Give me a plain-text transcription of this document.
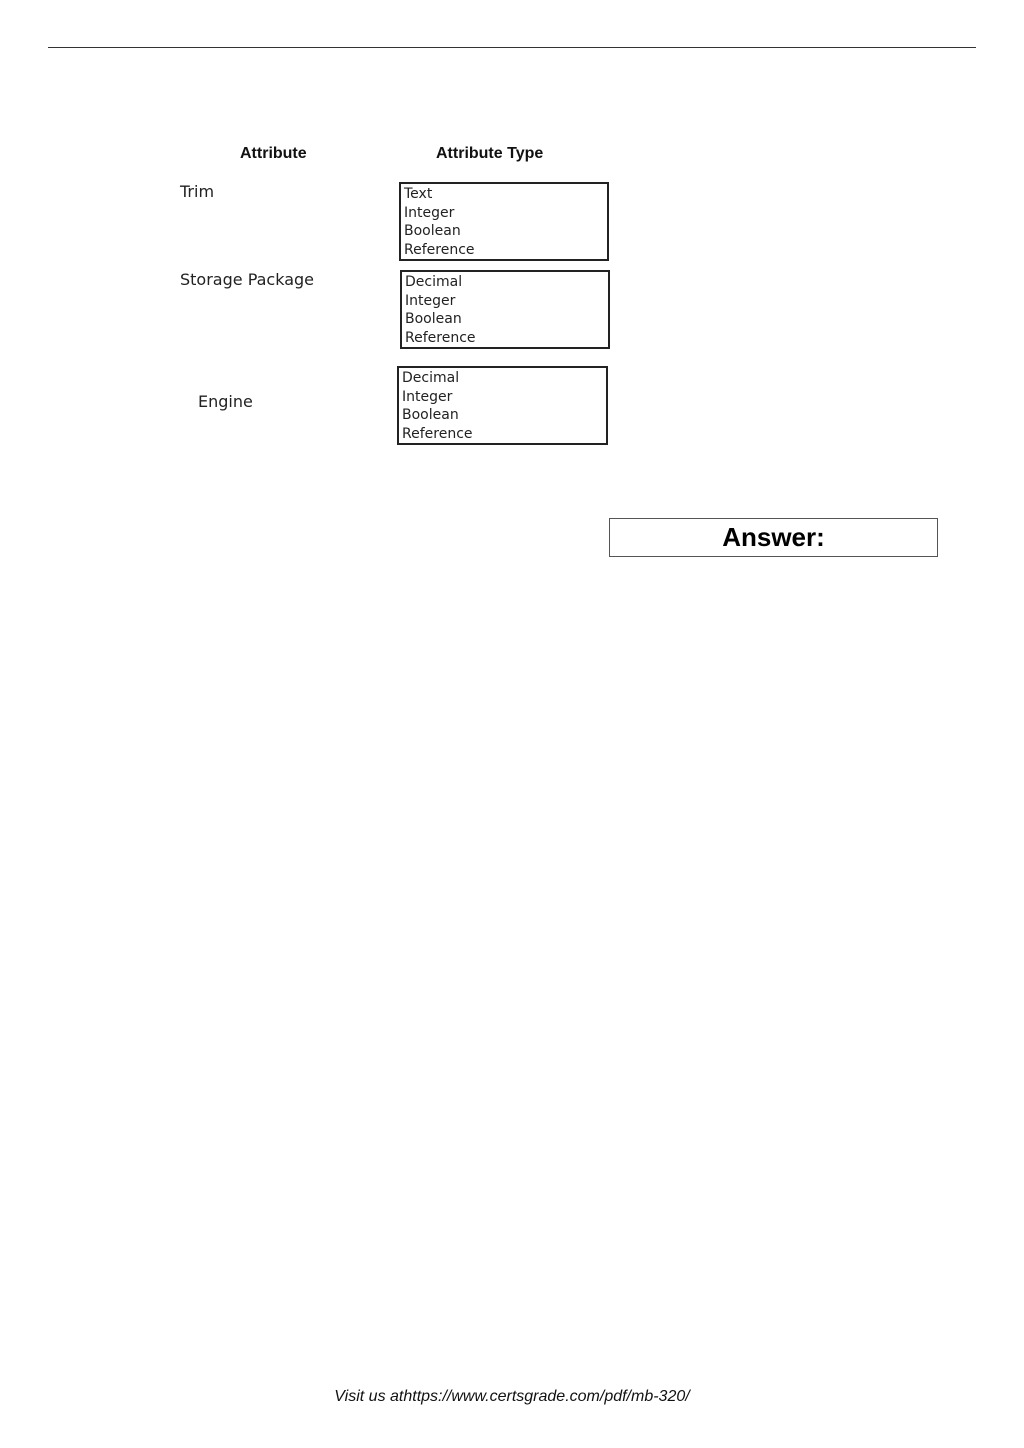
Attribute	Attribute Type
Trim	Text
Integer
Boolean
Reference
Storage Package	Decimal
Integer
Boolean
Reference
Engine
Decimal
Integer
Boolean
Reference
Answer:
Visit us athttps://www.certsgrade.com/pdf/mb-320/
